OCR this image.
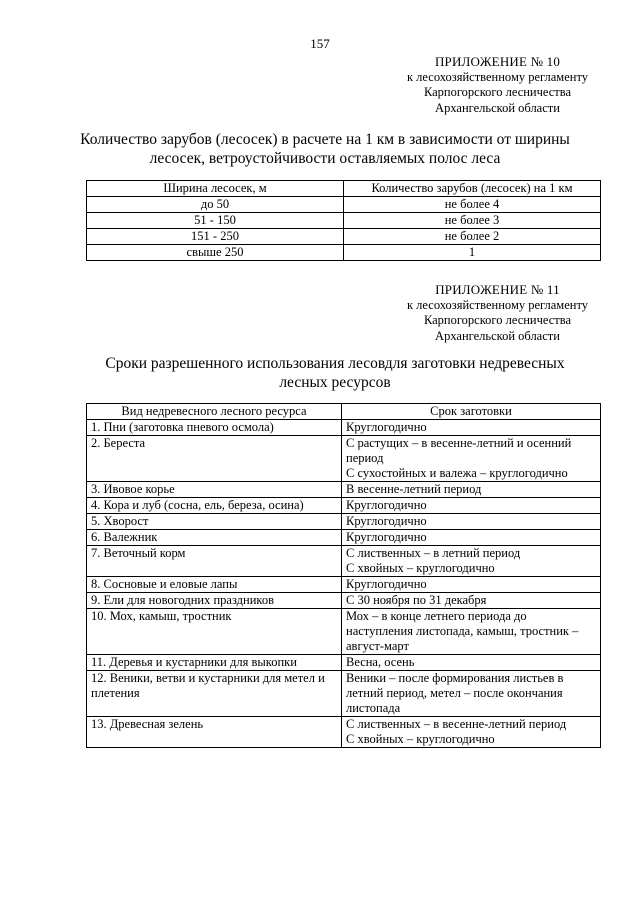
157
ПРИЛОЖЕНИЕ № 10
к лесохозяйственному регламенту
Карпогорского лесничества
Архангельской области
Количество зарубов (лесосек) в расчете на 1 км в зависимости от ширины лесосек, ветроустойчивости оставляемых полос леса
Ширина лесосек, м	Количество зарубов (лесосек) на 1 км
до 50	не более 4
51 - 150	не более 3
151 - 250	не более 2
свыше 250	1
ПРИЛОЖЕНИЕ № 11
к лесохозяйственному регламенту
Карпогорского лесничества
Архангельской области
Сроки разрешенного использования лесовдля заготовки недревесных лесных ресурсов
Вид недревесного лесного ресурса	Срок заготовки
1. Пни (заготовка пневого осмола)	Круглогодично
2. Береста	С растущих – в весенне-летний и осенний период
С сухостойных и валежа – круглогодично
3. Ивовое корье	В весенне-летний период
4. Кора и луб (сосна, ель, береза, осина)	Круглогодично
5. Хворост	Круглогодично
6. Валежник	Круглогодично
7. Веточный корм	С лиственных – в летний период
С хвойных – круглогодично
8. Сосновые и еловые лапы	Круглогодично
9. Ели для новогодних праздников	С 30 ноября по 31 декабря
10. Мох, камыш, тростник	Мох – в конце летнего периода до наступления листопада, камыш, тростник – август-март
11. Деревья и кустарники для выкопки	Весна, осень
12. Веники, ветви и кустарники для метел и плетения	Веники – после формирования листьев в летний период, метел – после окончания листопада
13. Древесная зелень	С лиственных – в весенне-летний период
С хвойных – круглогодично
